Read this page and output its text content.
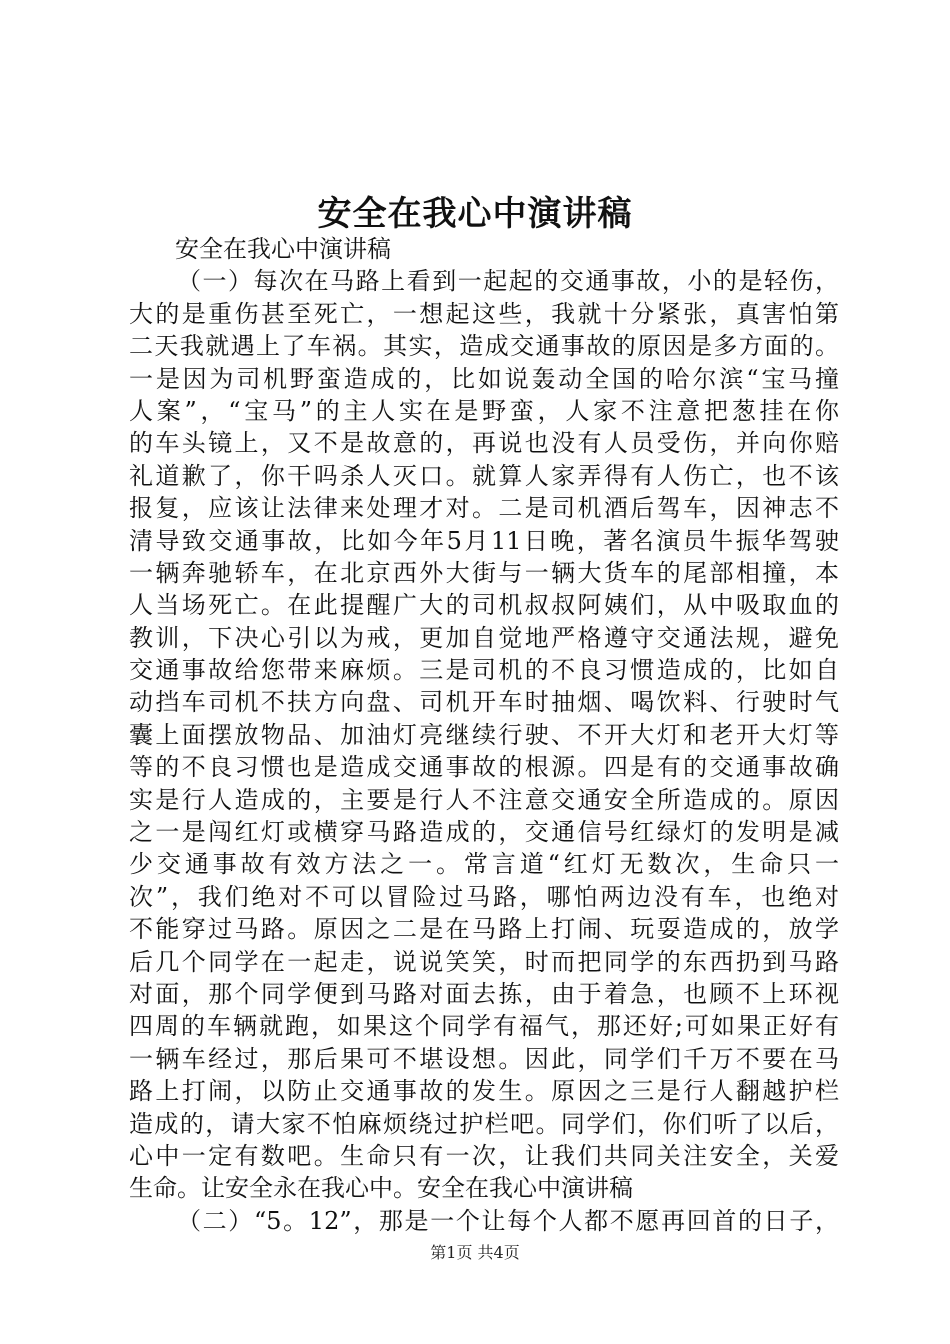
安全在我心中演讲稿
安全在我心中演讲稿
（一）每次在马路上看到一起起的交通事故，小的是轻伤，
大的是重伤甚至死亡，一想起这些，我就十分紧张，真害怕第
二天我就遇上了车祸。其实，造成交通事故的原因是多方面的。
一是因为司机野蛮造成的，比如说轰动全国的哈尔滨“宝马撞
人案”，“宝马”的主人实在是野蛮，人家不注意把葱挂在你
的车头镜上，又不是故意的，再说也没有人员受伤，并向你赔
礼道歉了，你干吗杀人灭口。就算人家弄得有人伤亡，也不该
报复，应该让法律来处理才对。二是司机酒后驾车，因神志不
清导致交通事故，比如今年5月11日晚，著名演员牛振华驾驶
一辆奔驰轿车，在北京西外大街与一辆大货车的尾部相撞，本
人当场死亡。在此提醒广大的司机叔叔阿姨们，从中吸取血的
教训，下决心引以为戒，更加自觉地严格遵守交通法规，避免
交通事故给您带来麻烦。三是司机的不良习惯造成的，比如自
动挡车司机不扶方向盘、司机开车时抽烟、喝饮料、行驶时气
囊上面摆放物品、加油灯亮继续行驶、不开大灯和老开大灯等
等的不良习惯也是造成交通事故的根源。四是有的交通事故确
实是行人造成的，主要是行人不注意交通安全所造成的。原因
之一是闯红灯或横穿马路造成的，交通信号红绿灯的发明是减
少交通事故有效方法之一。常言道“红灯无数次，生命只一
次”，我们绝对不可以冒险过马路，哪怕两边没有车，也绝对
不能穿过马路。原因之二是在马路上打闹、玩耍造成的，放学
后几个同学在一起走，说说笑笑，时而把同学的东西扔到马路
对面，那个同学便到马路对面去拣，由于着急，也顾不上环视
四周的车辆就跑，如果这个同学有福气，那还好;可如果正好有
一辆车经过，那后果可不堪设想。因此，同学们千万不要在马
路上打闹，以防止交通事故的发生。原因之三是行人翻越护栏
造成的，请大家不怕麻烦绕过护栏吧。同学们，你们听了以后，
心中一定有数吧。生命只有一次，让我们共同关注安全，关爱
生命。让安全永在我心中。安全在我心中演讲稿
（二）“5。12”，那是一个让每个人都不愿再回首的日子，
第1页 共4页
